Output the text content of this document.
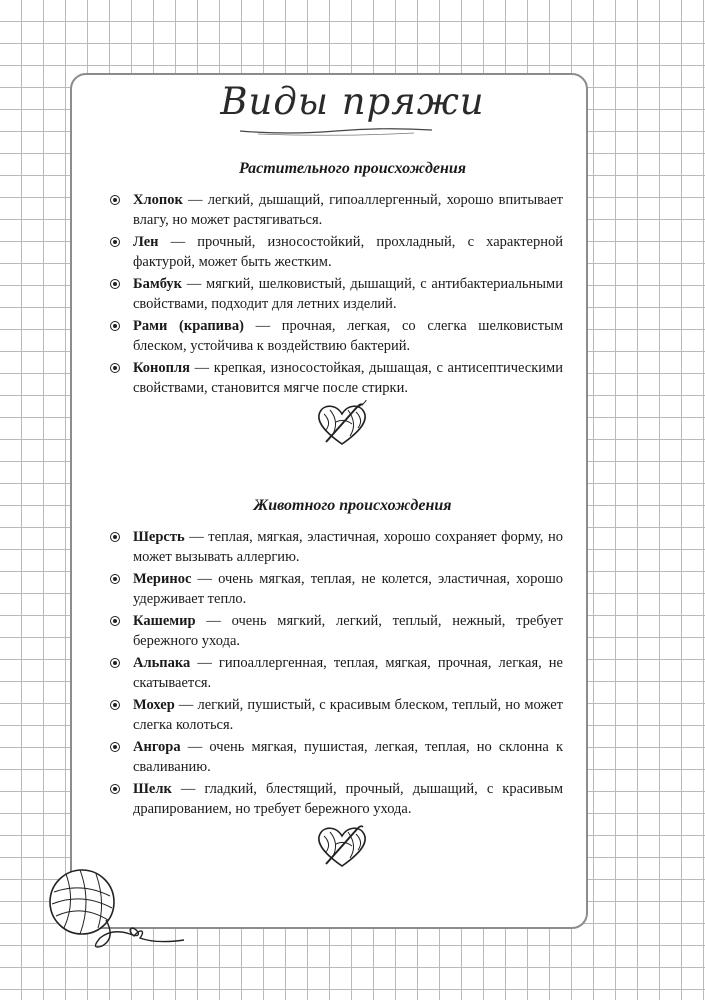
Виды пряжи
Растительного происхождения
Хлопок — легкий, дышащий, гипоаллергенный, хорошо впитывает влагу, но может растягиваться.
Лен — прочный, износостойкий, прохладный, с характерной фактурой, может быть жестким.
Бамбук — мягкий, шелковистый, дышащий, с антибактериальными свойствами, подходит для летних изделий.
Рами (крапива) — прочная, легкая, со слегка шелковистым блеском, устойчива к воздействию бактерий.
Конопля — крепкая, износостойкая, дышащая, с антисептическими свойствами, становится мягче после стирки.
Животного происхождения
Шерсть — теплая, мягкая, эластичная, хорошо сохраняет форму, но может вызывать аллергию.
Меринос — очень мягкая, теплая, не колется, эластичная, хорошо удерживает тепло.
Кашемир — очень мягкий, легкий, теплый, нежный, требует бережного ухода.
Альпака — гипоаллергенная, теплая, мягкая, прочная, легкая, не скатывается.
Мохер — легкий, пушистый, с красивым блеском, теплый, но может слегка колоться.
Ангора — очень мягкая, пушистая, легкая, теплая, но склонна к сваливанию.
Шелк — гладкий, блестящий, прочный, дышащий, с красивым драпированием, но требует бережного ухода.
